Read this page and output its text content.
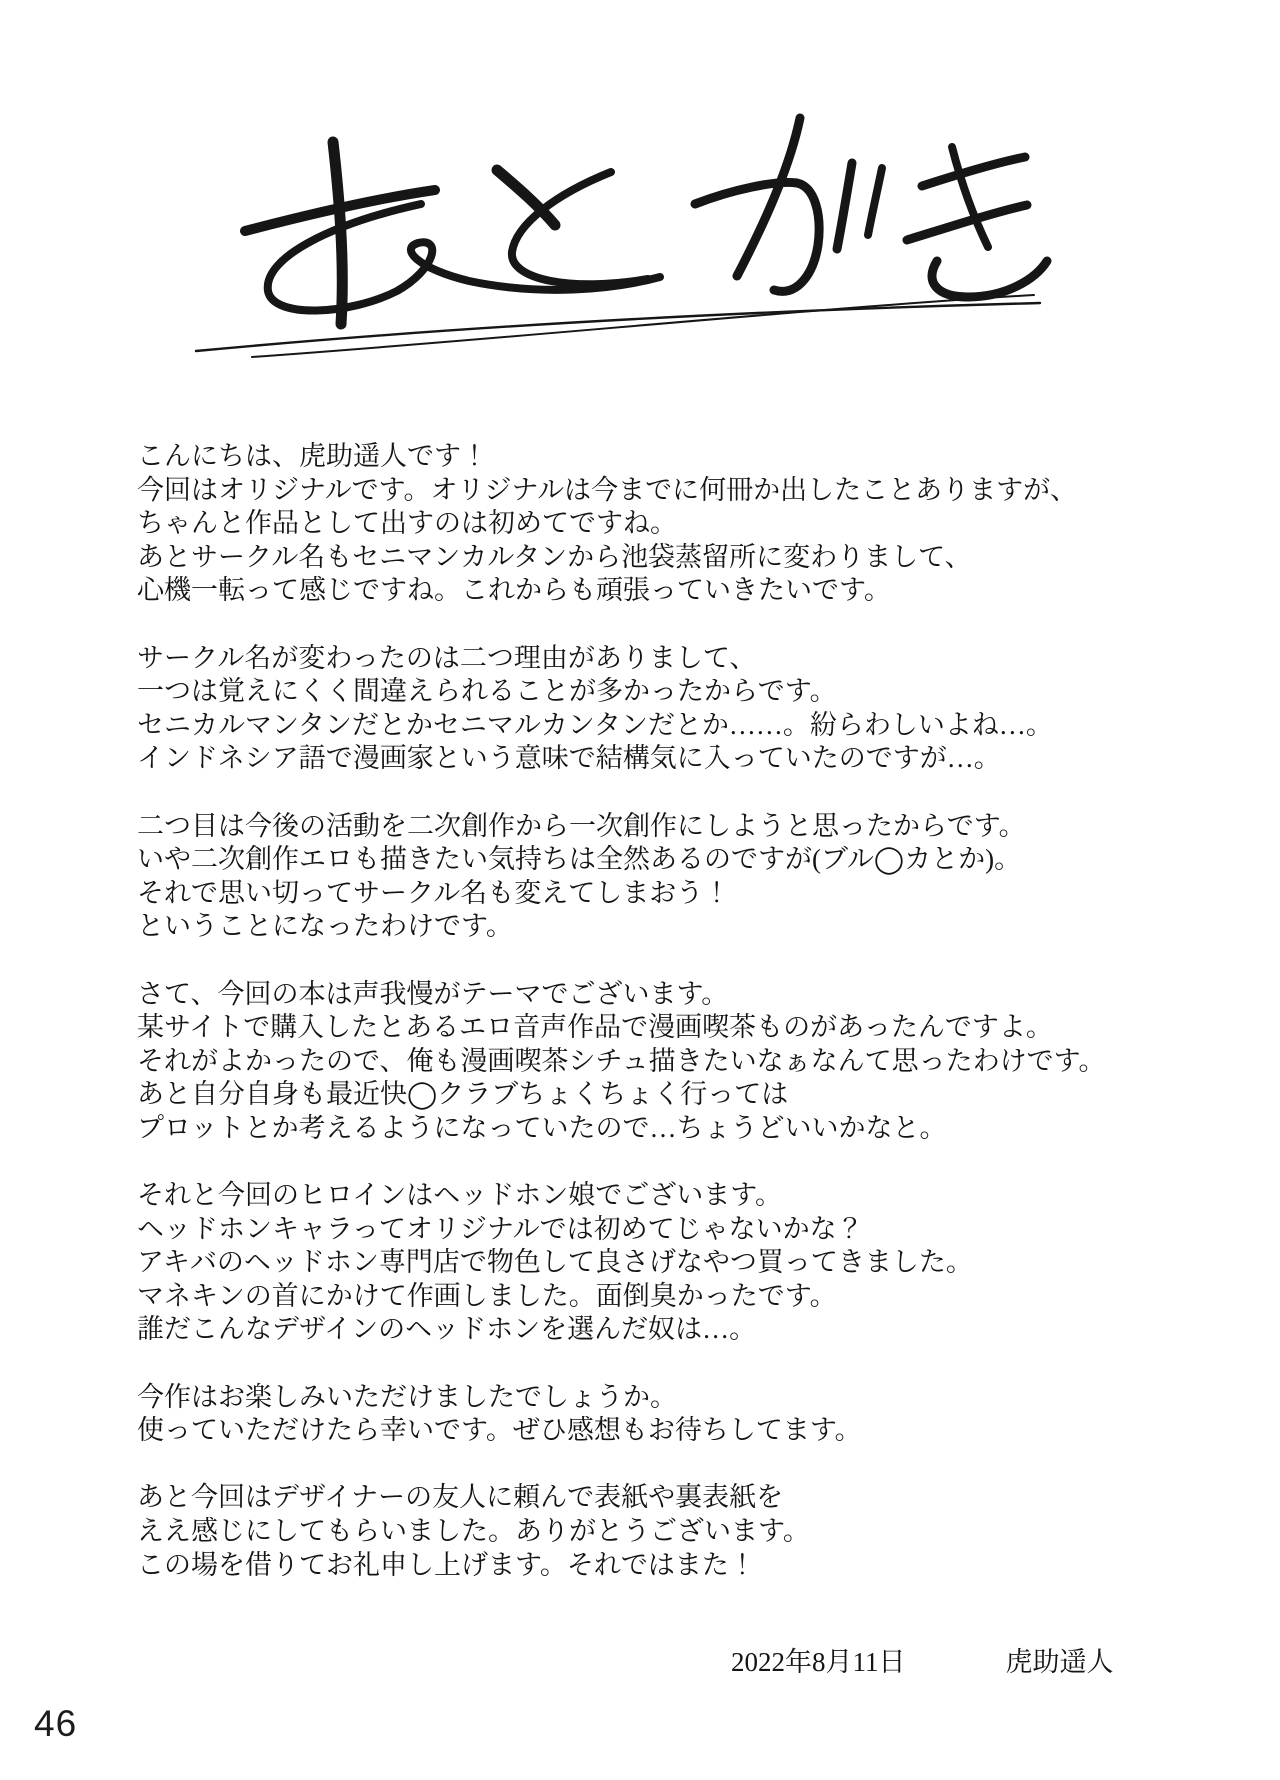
こんにちは、虎助遥人です！
今回はオリジナルです。オリジナルは今までに何冊か出したことありますが、
ちゃんと作品として出すのは初めてですね。
あとサークル名もセニマンカルタンから池袋蒸留所に変わりまして、
心機一転って感じですね。これからも頑張っていきたいです。
サークル名が変わったのは二つ理由がありまして、
一つは覚えにくく間違えられることが多かったからです。
セニカルマンタンだとかセニマルカンタンだとか……。紛らわしいよね…。
インドネシア語で漫画家という意味で結構気に入っていたのですが…。
二つ目は今後の活動を二次創作から一次創作にしようと思ったからです。
いや二次創作エロも描きたい気持ちは全然あるのですが(ブル◯カとか)。
それで思い切ってサークル名も変えてしまおう！
ということになったわけです。
さて、今回の本は声我慢がテーマでございます。
某サイトで購入したとあるエロ音声作品で漫画喫茶ものがあったんですよ。
それがよかったので、俺も漫画喫茶シチュ描きたいなぁなんて思ったわけです。
あと自分自身も最近快◯クラブちょくちょく行っては
プロットとか考えるようになっていたので…ちょうどいいかなと。
それと今回のヒロインはヘッドホン娘でございます。
ヘッドホンキャラってオリジナルでは初めてじゃないかな？
アキバのヘッドホン専門店で物色して良さげなやつ買ってきました。
マネキンの首にかけて作画しました。面倒臭かったです。
誰だこんなデザインのヘッドホンを選んだ奴は…。
今作はお楽しみいただけましたでしょうか。
使っていただけたら幸いです。ぜひ感想もお待ちしてます。
あと今回はデザイナーの友人に頼んで表紙や裏表紙を
ええ感じにしてもらいました。ありがとうございます。
この場を借りてお礼申し上げます。それではまた！
2022年8月11日	虎助遥人
46
